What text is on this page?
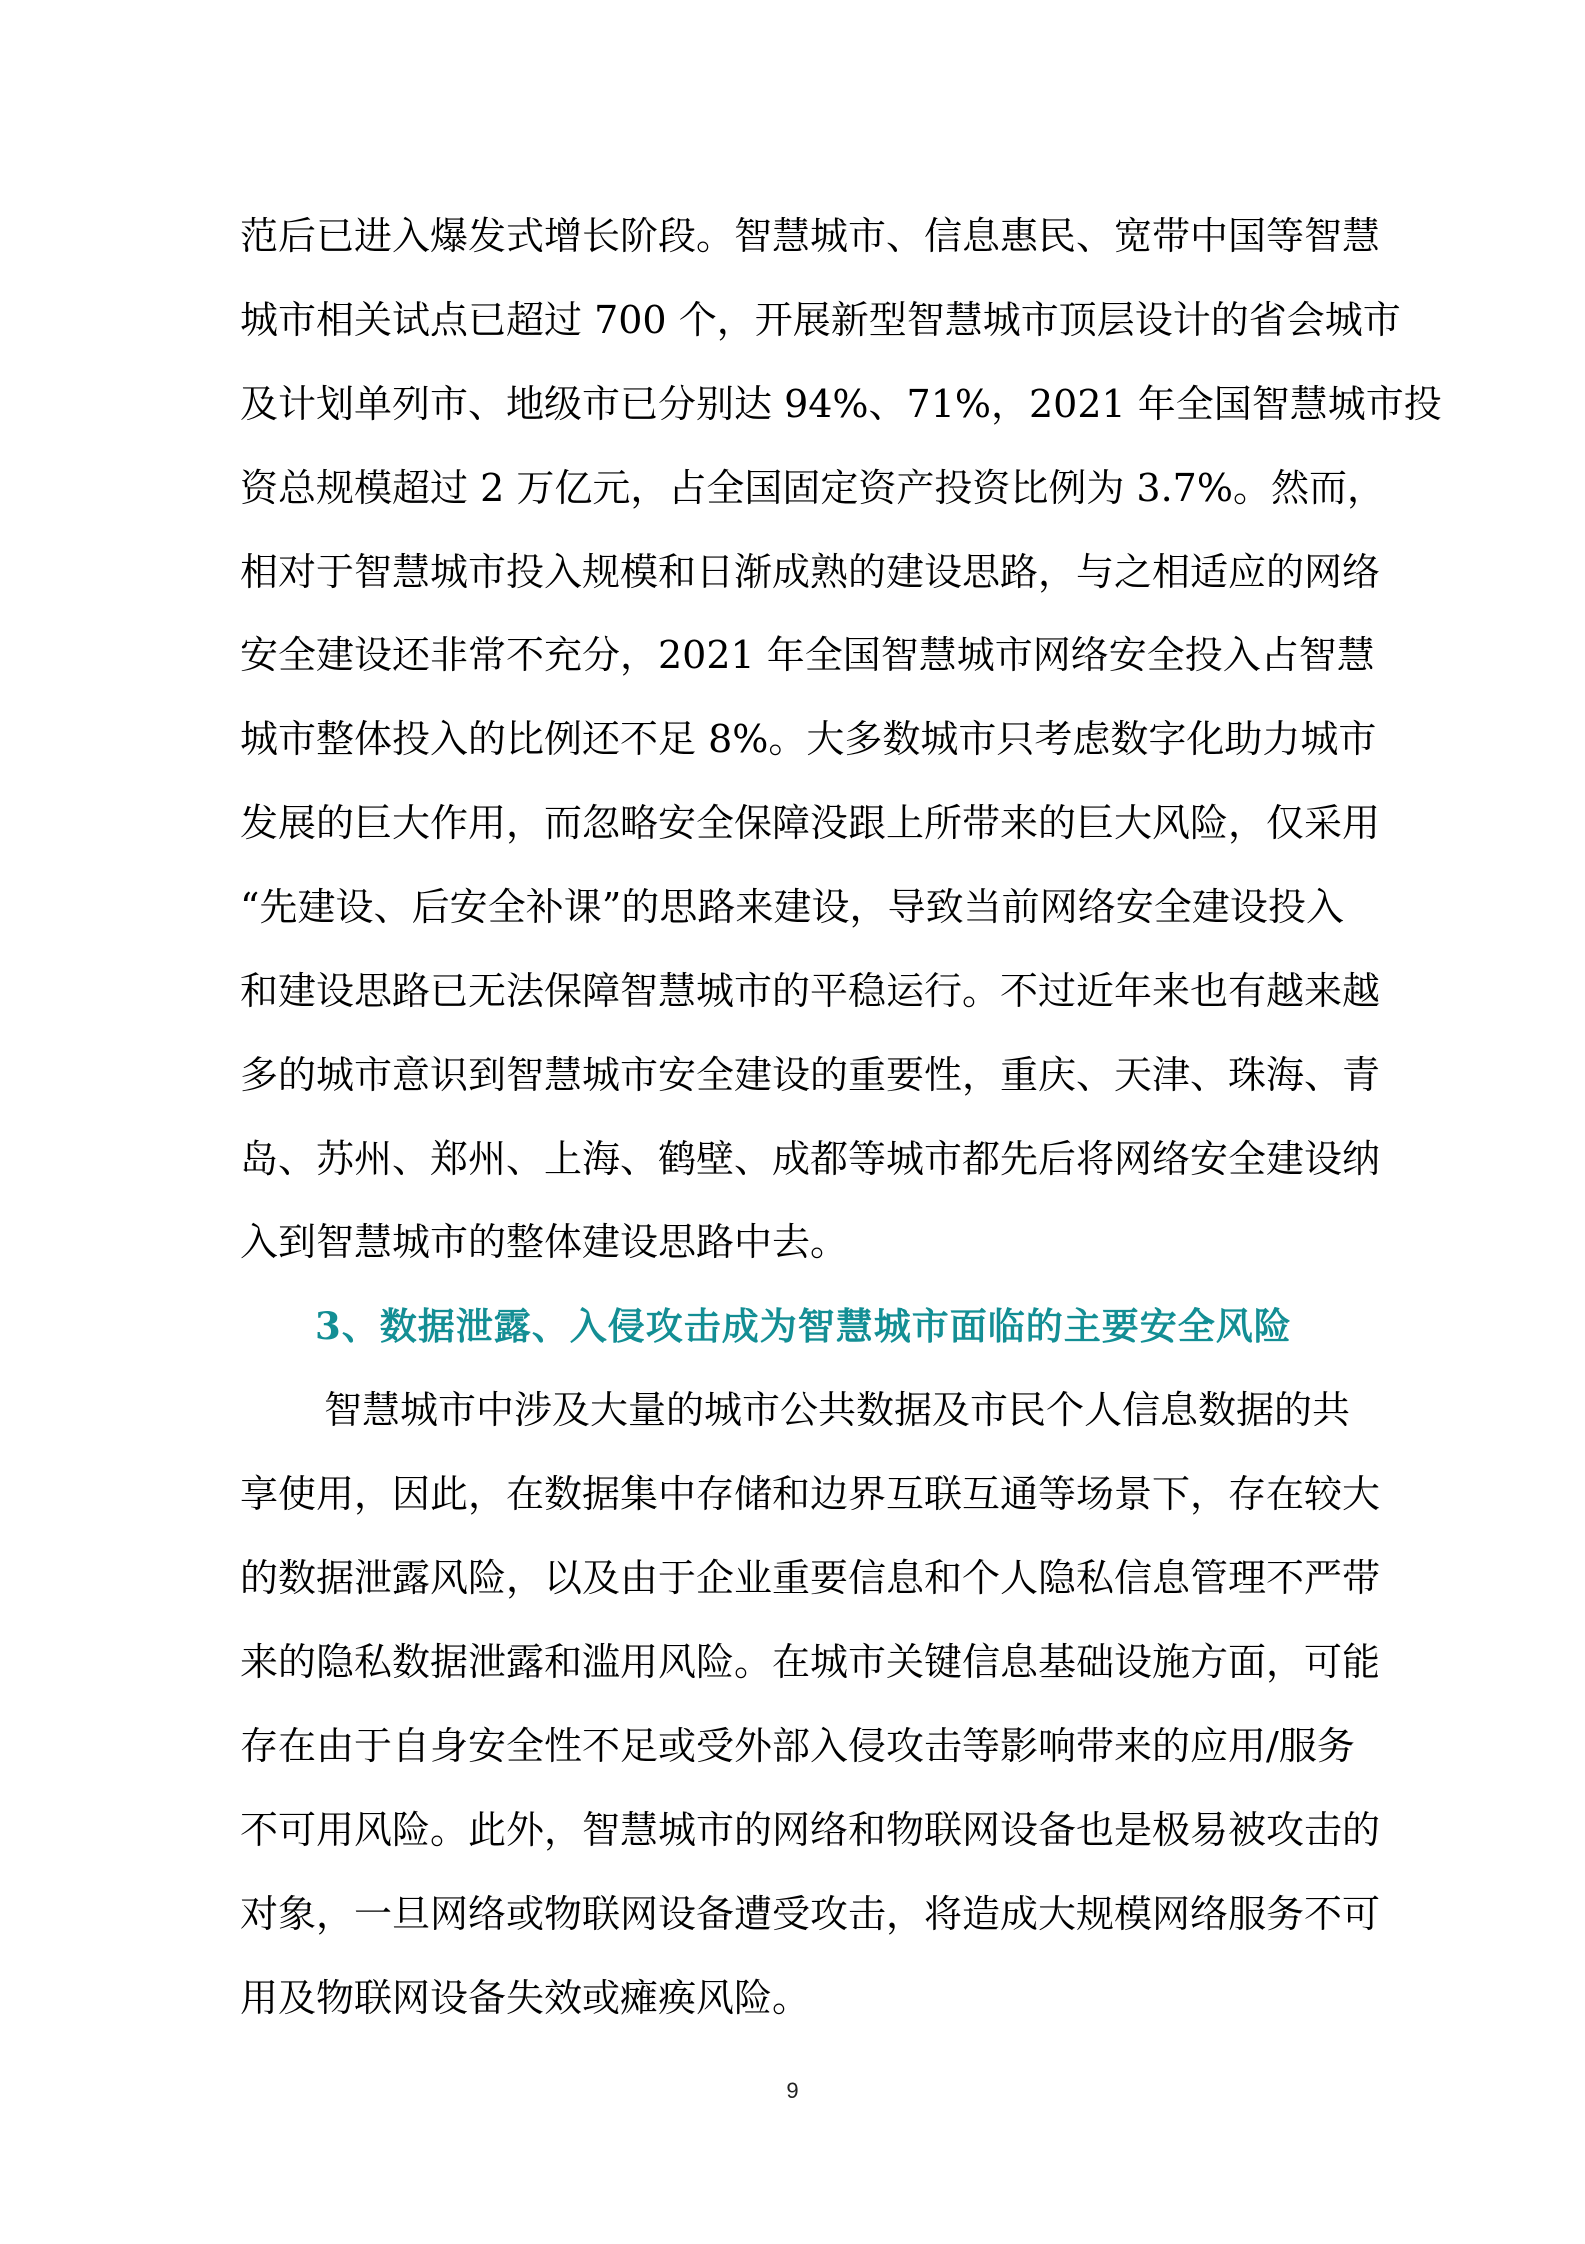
范后已进入爆发式增长阶段。智慧城市、信息惠民、宽带中国等智慧
城市相关试点已超过 700 个，开展新型智慧城市顶层设计的省会城市
及计划单列市、地级市已分别达 94%、71%，2021 年全国智慧城市投
资总规模超过 2 万亿元，占全国固定资产投资比例为 3.7%。然而，
相对于智慧城市投入规模和日渐成熟的建设思路，与之相适应的网络
安全建设还非常不充分，2021 年全国智慧城市网络安全投入占智慧
城市整体投入的比例还不足 8%。大多数城市只考虑数字化助力城市
发展的巨大作用，而忽略安全保障没跟上所带来的巨大风险，仅采用
“先建设、后安全补课”的思路来建设，导致当前网络安全建设投入
和建设思路已无法保障智慧城市的平稳运行。不过近年来也有越来越
多的城市意识到智慧城市安全建设的重要性，重庆、天津、珠海、青
岛、苏州、郑州、上海、鹤壁、成都等城市都先后将网络安全建设纳
入到智慧城市的整体建设思路中去。
3、数据泄露、入侵攻击成为智慧城市面临的主要安全风险
智慧城市中涉及大量的城市公共数据及市民个人信息数据的共
享使用，因此，在数据集中存储和边界互联互通等场景下，存在较大
的数据泄露风险，以及由于企业重要信息和个人隐私信息管理不严带
来的隐私数据泄露和滥用风险。在城市关键信息基础设施方面，可能
存在由于自身安全性不足或受外部入侵攻击等影响带来的应用/服务
不可用风险。此外，智慧城市的网络和物联网设备也是极易被攻击的
对象，一旦网络或物联网设备遭受攻击，将造成大规模网络服务不可
用及物联网设备失效或瘫痪风险。
9
